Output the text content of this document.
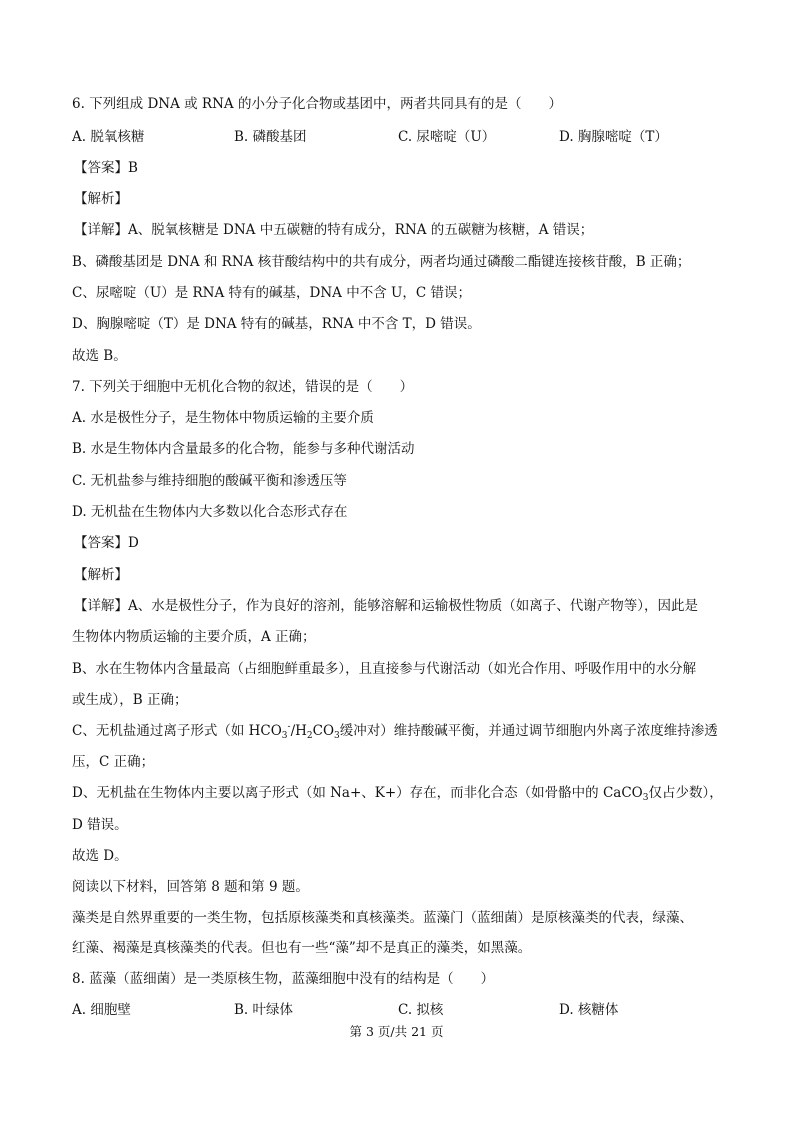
6. 下列组成 DNA 或 RNA 的小分子化合物或基团中，两者共同具有的是（　　）
A. 脱氧核糖	B. 磷酸基团	C. 尿嘧啶（U）	D. 胸腺嘧啶（T）
【答案】B
【解析】
【详解】A、脱氧核糖是 DNA 中五碳糖的特有成分，RNA 的五碳糖为核糖，A 错误；
B、磷酸基团是 DNA 和 RNA 核苷酸结构中的共有成分，两者均通过磷酸二酯键连接核苷酸，B 正确；
C、尿嘧啶（U）是 RNA 特有的碱基，DNA 中不含 U，C 错误；
D、胸腺嘧啶（T）是 DNA 特有的碱基，RNA 中不含 T，D 错误。
故选 B。
7. 下列关于细胞中无机化合物的叙述，错误的是（　　）
A. 水是极性分子，是生物体中物质运输的主要介质
B. 水是生物体内含量最多的化合物，能参与多种代谢活动
C. 无机盐参与维持细胞的酸碱平衡和渗透压等
D. 无机盐在生物体内大多数以化合态形式存在
【答案】D
【解析】
【详解】A、水是极性分子，作为良好的溶剂，能够溶解和运输极性物质（如离子、代谢产物等），因此是
生物体内物质运输的主要介质，A 正确；
B、水在生物体内含量最高（占细胞鲜重最多），且直接参与代谢活动（如光合作用、呼吸作用中的水分解
或生成），B 正确；
C、无机盐通过离子形式（如 $HCO_3^-/H_2CO_3$缓冲对）维持酸碱平衡，并通过调节细胞内外离子浓度维持渗透
压，C 正确；
D、无机盐在生物体内主要以离子形式（如 Na+、K+）存在，而非化合态（如骨骼中的 CaCO$_3$仅占少数），
D 错误。
故选 D。
阅读以下材料，回答第 8 题和第 9 题。
藻类是自然界重要的一类生物，包括原核藻类和真核藻类。蓝藻门（蓝细菌）是原核藻类的代表，绿藻、
红藻、褐藻是真核藻类的代表。但也有一些“藻”却不是真正的藻类，如黑藻。
8. 蓝藻（蓝细菌）是一类原核生物，蓝藻细胞中没有的结构是（　　）
A. 细胞壁	B. 叶绿体	C. 拟核	D. 核糖体
第 3 页/共 21 页
